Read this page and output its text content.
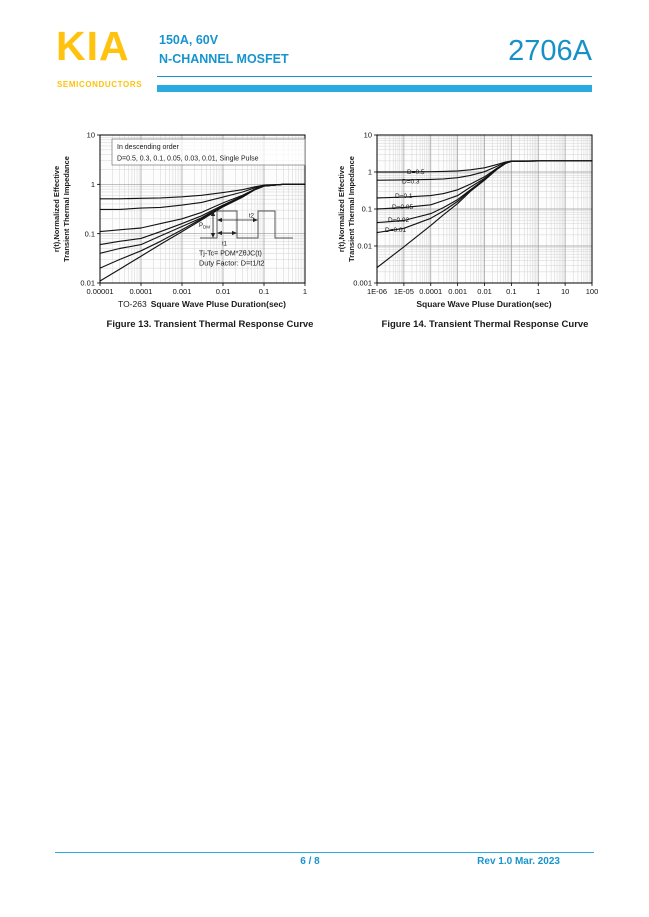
KIA
SEMICONDUCTORS
150A, 60V
N-CHANNEL MOSFET	2706A
0.00001 0.0001	0.001	0.01	0.1	1
10
1
0.1
0.01
In descending order
D=0.5, 0.3, 0.1, 0.05, 0.03, 0.01, Single Pulse
$P_{DM}$
t2
t1
Tj-Tc= PDM*ZθJC(t)
Duty Factor: D=t1/t2
TO-263 Square Wave Pluse Duration(sec)
r(t),Normalized Effective Transient Thermal Impedance
1E-06 1E-05 0.0001 0.001 0.01 0.1	1	10 100
10
1
0.1
0.01
0.001
D=0.5
D=0.3
D=0.1
D=0.05
D=0.02
D=0.01
Square Wave Pluse Duration(sec)
r(t),Normalized Effective Transient Thermal Impedance
Figure 13. Transient Thermal Response Curve	Figure 14. Transient Thermal Response Curve
6 / 8	Rev 1.0 Mar. 2023
